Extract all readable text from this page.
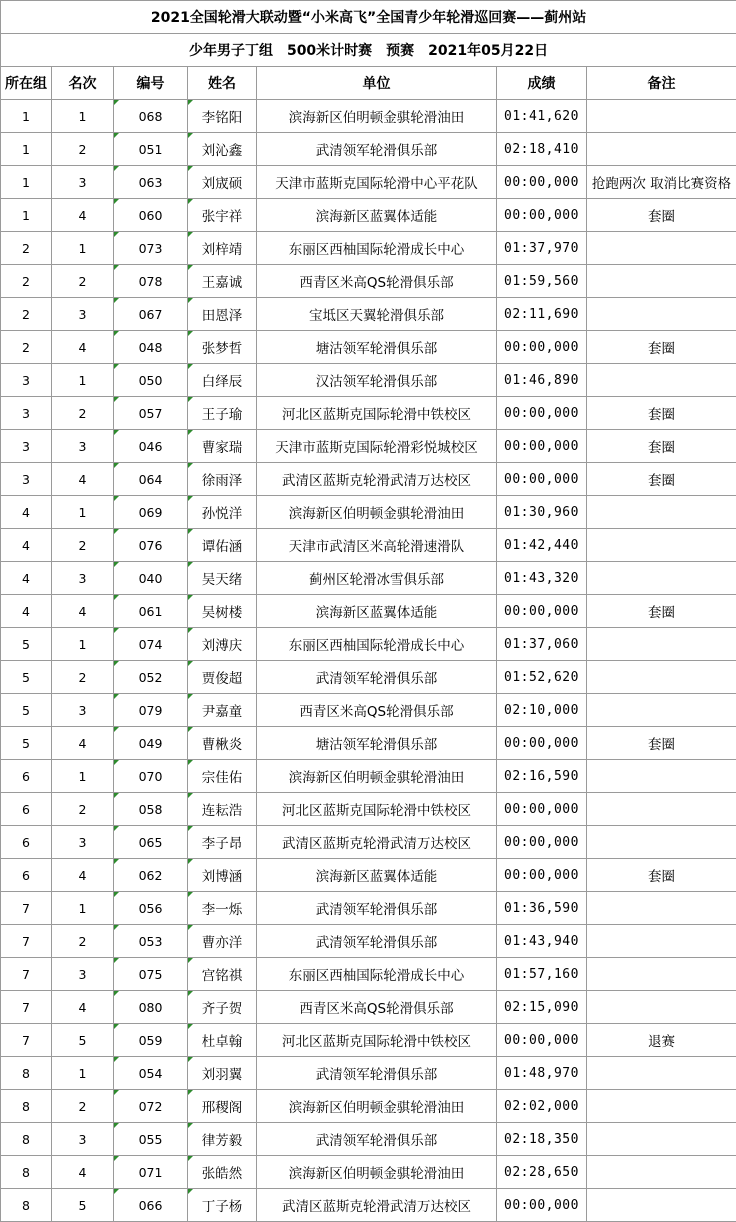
2021全国轮滑大联动暨“小米高飞”全国青少年轮滑巡回赛——蓟州站						
少年男子丁组　500米计时赛　预赛　2021年05月22日						
所在组	名次	编号	姓名	单位	成绩	备注
1	1	068	李铭阳	滨海新区伯明顿金骐轮滑油田	01:41,620	
1	2	051	刘沁鑫	武清领军轮滑俱乐部	02:18,410	
1	3	063	刘宬硕	天津市蓝斯克国际轮滑中心平花队	00:00,000	抢跑两次 取消比赛资格
1	4	060	张宇祥	滨海新区蓝翼体适能	00:00,000	套圈
2	1	073	刘梓靖	东丽区西柚国际轮滑成长中心	01:37,970	
2	2	078	王嘉诚	西青区米高QS轮滑俱乐部	01:59,560	
2	3	067	田恩泽	宝坻区天翼轮滑俱乐部	02:11,690	
2	4	048	张梦哲	塘沽领军轮滑俱乐部	00:00,000	套圈
3	1	050	白绎辰	汉沽领军轮滑俱乐部	01:46,890	
3	2	057	王子瑜	河北区蓝斯克国际轮滑中铁校区	00:00,000	套圈
3	3	046	曹家瑞	天津市蓝斯克国际轮滑彩悦城校区	00:00,000	套圈
3	4	064	徐雨泽	武清区蓝斯克轮滑武清万达校区	00:00,000	套圈
4	1	069	孙悦洋	滨海新区伯明顿金骐轮滑油田	01:30,960	
4	2	076	谭佑涵	天津市武清区米高轮滑速滑队	01:42,440	
4	3	040	吴天绪	蓟州区轮滑冰雪俱乐部	01:43,320	
4	4	061	吴树楼	滨海新区蓝翼体适能	00:00,000	套圈
5	1	074	刘溥庆	东丽区西柚国际轮滑成长中心	01:37,060	
5	2	052	贾俊超	武清领军轮滑俱乐部	01:52,620	
5	3	079	尹嘉童	西青区米高QS轮滑俱乐部	02:10,000	
5	4	049	曹楸炎	塘沽领军轮滑俱乐部	00:00,000	套圈
6	1	070	宗佳佑	滨海新区伯明顿金骐轮滑油田	02:16,590	
6	2	058	连耘浩	河北区蓝斯克国际轮滑中铁校区	00:00,000	
6	3	065	李子昂	武清区蓝斯克轮滑武清万达校区	00:00,000	
6	4	062	刘博涵	滨海新区蓝翼体适能	00:00,000	套圈
7	1	056	李一烁	武清领军轮滑俱乐部	01:36,590	
7	2	053	曹亦洋	武清领军轮滑俱乐部	01:43,940	
7	3	075	宫铭祺	东丽区西柚国际轮滑成长中心	01:57,160	
7	4	080	齐子贺	西青区米高QS轮滑俱乐部	02:15,090	
7	5	059	杜卓翰	河北区蓝斯克国际轮滑中铁校区	00:00,000	退赛
8	1	054	刘羽翼	武清领军轮滑俱乐部	01:48,970	
8	2	072	邢稷阁	滨海新区伯明顿金骐轮滑油田	02:02,000	
8	3	055	律芳毅	武清领军轮滑俱乐部	02:18,350	
8	4	071	张皓然	滨海新区伯明顿金骐轮滑油田	02:28,650	
8	5	066	丁子杨	武清区蓝斯克轮滑武清万达校区	00:00,000	
